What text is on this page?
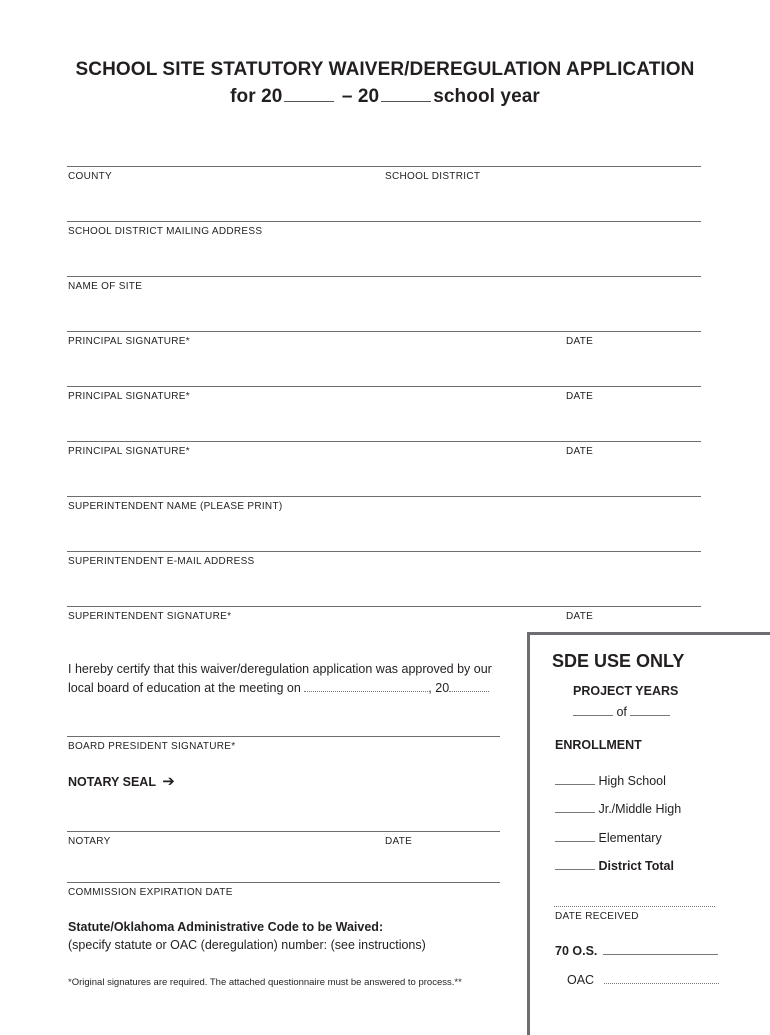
SCHOOL SITE STATUTORY WAIVER/DEREGULATION APPLICATION
for 20	– 20	school year
COUNTY	SCHOOL DISTRICT
SCHOOL DISTRICT MAILING ADDRESS
NAME OF SITE
PRINCIPAL SIGNATURE*	DATE
PRINCIPAL SIGNATURE*	DATE
PRINCIPAL SIGNATURE*	DATE
SUPERINTENDENT NAME (PLEASE PRINT)
SUPERINTENDENT E-MAIL ADDRESS
SUPERINTENDENT SIGNATURE*	DATE
I hereby certify that this waiver/deregulation application was approved by our
local board of education at the meeting on	, 20
BOARD PRESIDENT SIGNATURE*
NOTARY SEAL ➔
NOTARY	DATE
COMMISSION EXPIRATION DATE
Statute/Oklahoma Administrative Code to be Waived:
(specify statute or OAC (deregulation) number: (see instructions)
*Original signatures are required. The attached questionnaire must be answered to process.**
SDE USE ONLY
PROJECT YEARS
of
ENROLLMENT
High School
Jr./Middle High
Elementary
District Total
DATE RECEIVED
70 O.S.
OAC
